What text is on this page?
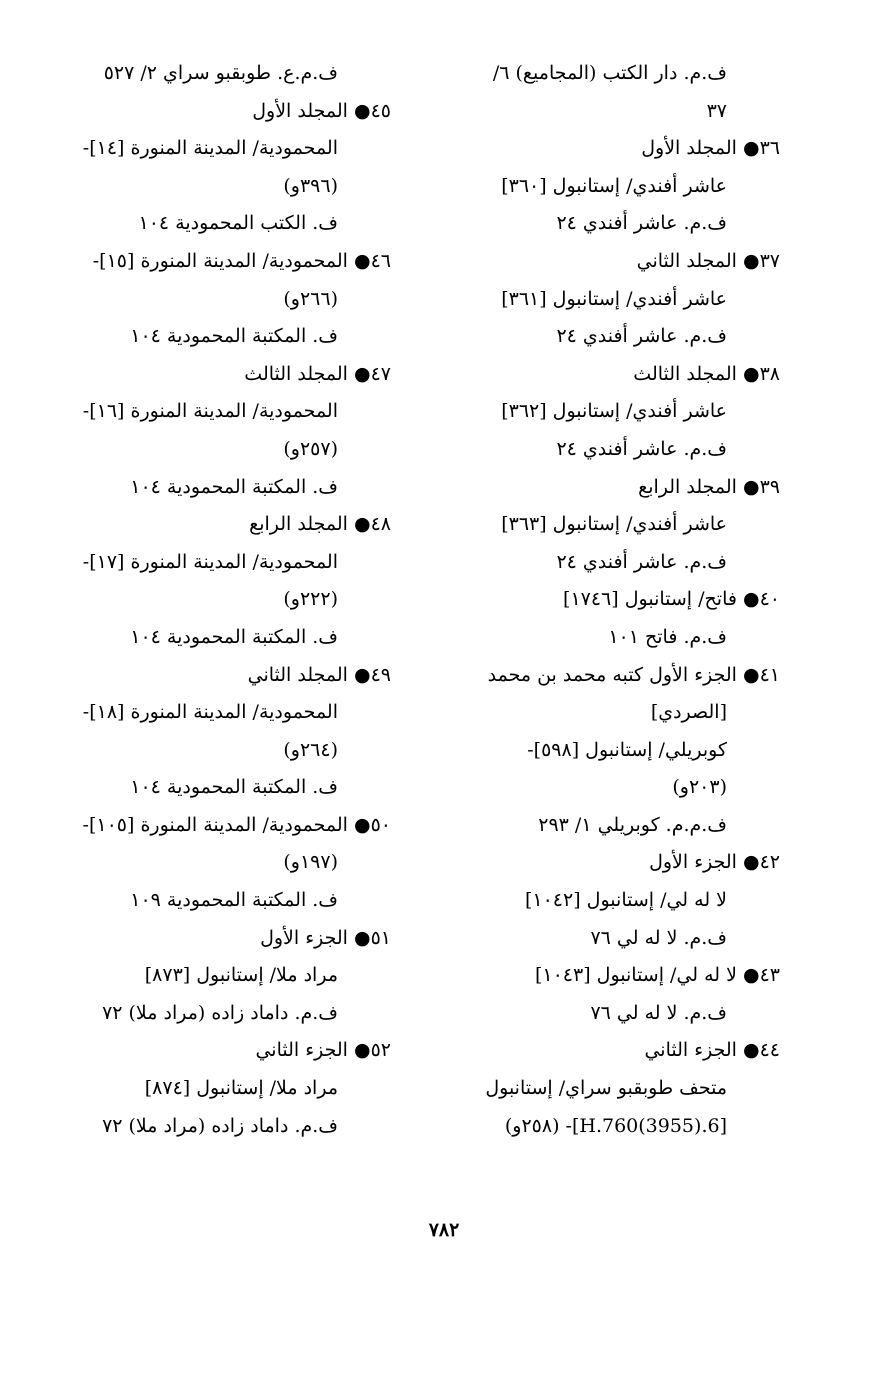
ف.م. دار الكتب (المجاميع) ٦/
٣٧
٣٦● المجلد الأول
عاشر أفندي/ إستانبول [٣٦٠]
ف.م. عاشر أفندي ٢٤
٣٧● المجلد الثاني
عاشر أفندي/ إستانبول [٣٦١]
ف.م. عاشر أفندي ٢٤
٣٨● المجلد الثالث
عاشر أفندي/ إستانبول [٣٦٢]
ف.م. عاشر أفندي ٢٤
٣٩● المجلد الرابع
عاشر أفندي/ إستانبول [٣٦٣]
ف.م. عاشر أفندي ٢٤
٤٠● فاتح/ إستانبول [١٧٤٦]
ف.م. فاتح ١٠١
٤١● الجزء الأول كتبه محمد بن محمد
[الصردي]
كوبريلي/ إستانبول [٥٩٨]-
(٢٠٣و)
ف.م.م. كوبريلي ١/ ٢٩٣
٤٢● الجزء الأول
لا له لي/ إستانبول [١٠٤٢]
ف.م. لا له لي ٧٦
٤٣● لا له لي/ إستانبول [١٠٤٣]
ف.م. لا له لي ٧٦
٤٤● الجزء الثاني
متحف طوبقبو سراي/ إستانبول
[6.H.760(3955)]- (٢٥٨و)
ف.م.ع. طوبقبو سراي ٢/ ٥٢٧
٤٥● المجلد الأول
المحمودية/ المدينة المنورة [١٤]-
(٣٩٦و)
ف. الكتب المحمودية ١٠٤
٤٦● المحمودية/ المدينة المنورة [١٥]-
(٢٦٦و)
ف. المكتبة المحمودية ١٠٤
٤٧● المجلد الثالث
المحمودية/ المدينة المنورة [١٦]-
(٢٥٧و)
ف. المكتبة المحمودية ١٠٤
٤٨● المجلد الرابع
المحمودية/ المدينة المنورة [١٧]-
(٢٢٢و)
ف. المكتبة المحمودية ١٠٤
٤٩● المجلد الثاني
المحمودية/ المدينة المنورة [١٨]-
(٢٦٤و)
ف. المكتبة المحمودية ١٠٤
٥٠● المحمودية/ المدينة المنورة [١٠٥]-
(١٩٧و)
ف. المكتبة المحمودية ١٠٩
٥١● الجزء الأول
مراد ملا/ إستانبول [٨٧٣]
ف.م. داماد زاده (مراد ملا) ٧٢
٥٢● الجزء الثاني
مراد ملا/ إستانبول [٨٧٤]
ف.م. داماد زاده (مراد ملا) ٧٢
٧٨٢
